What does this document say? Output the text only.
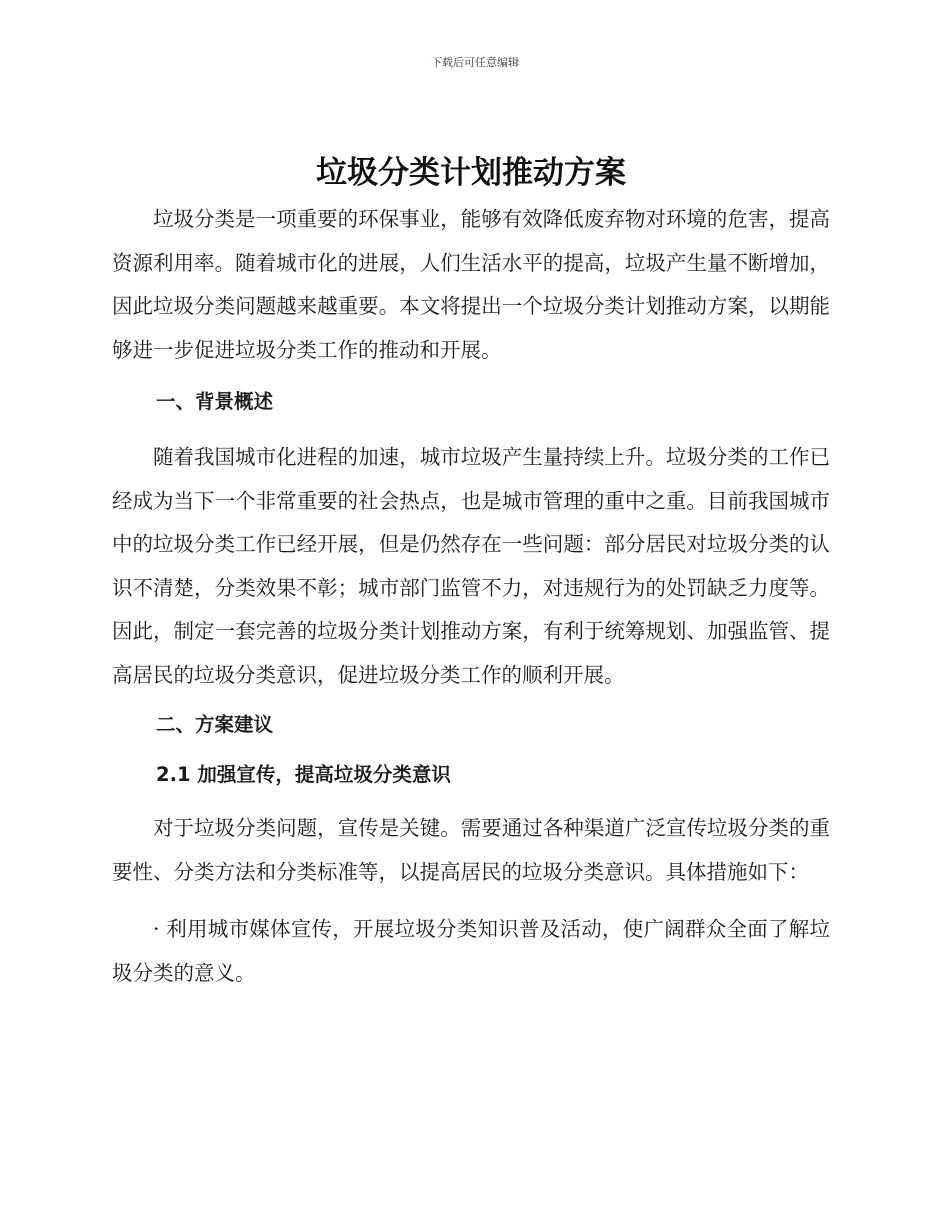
下载后可任意编辑
垃圾分类计划推动方案

垃圾分类是一项重要的环保事业，能够有效降低废弃物对环境的危害，提高资源利用率。随着城市化的进展，人们生活水平的提高，垃圾产生量不断增加，因此垃圾分类问题越来越重要。本文将提出一个垃圾分类计划推动方案，以期能够进一步促进垃圾分类工作的推动和开展。

一、背景概述

随着我国城市化进程的加速，城市垃圾产生量持续上升。垃圾分类的工作已经成为当下一个非常重要的社会热点，也是城市管理的重中之重。目前我国城市中的垃圾分类工作已经开展，但是仍然存在一些问题：部分居民对垃圾分类的认识不清楚，分类效果不彰；城市部门监管不力，对违规行为的处罚缺乏力度等。因此，制定一套完善的垃圾分类计划推动方案，有利于统筹规划、加强监管、提高居民的垃圾分类意识，促进垃圾分类工作的顺利开展。

二、方案建议
2.1 加强宣传，提高垃圾分类意识

对于垃圾分类问题，宣传是关键。需要通过各种渠道广泛宣传垃圾分类的重要性、分类方法和分类标准等，以提高居民的垃圾分类意识。具体措施如下：

· 利用城市媒体宣传，开展垃圾分类知识普及活动，使广阔群众全面了解垃圾分类的意义。
